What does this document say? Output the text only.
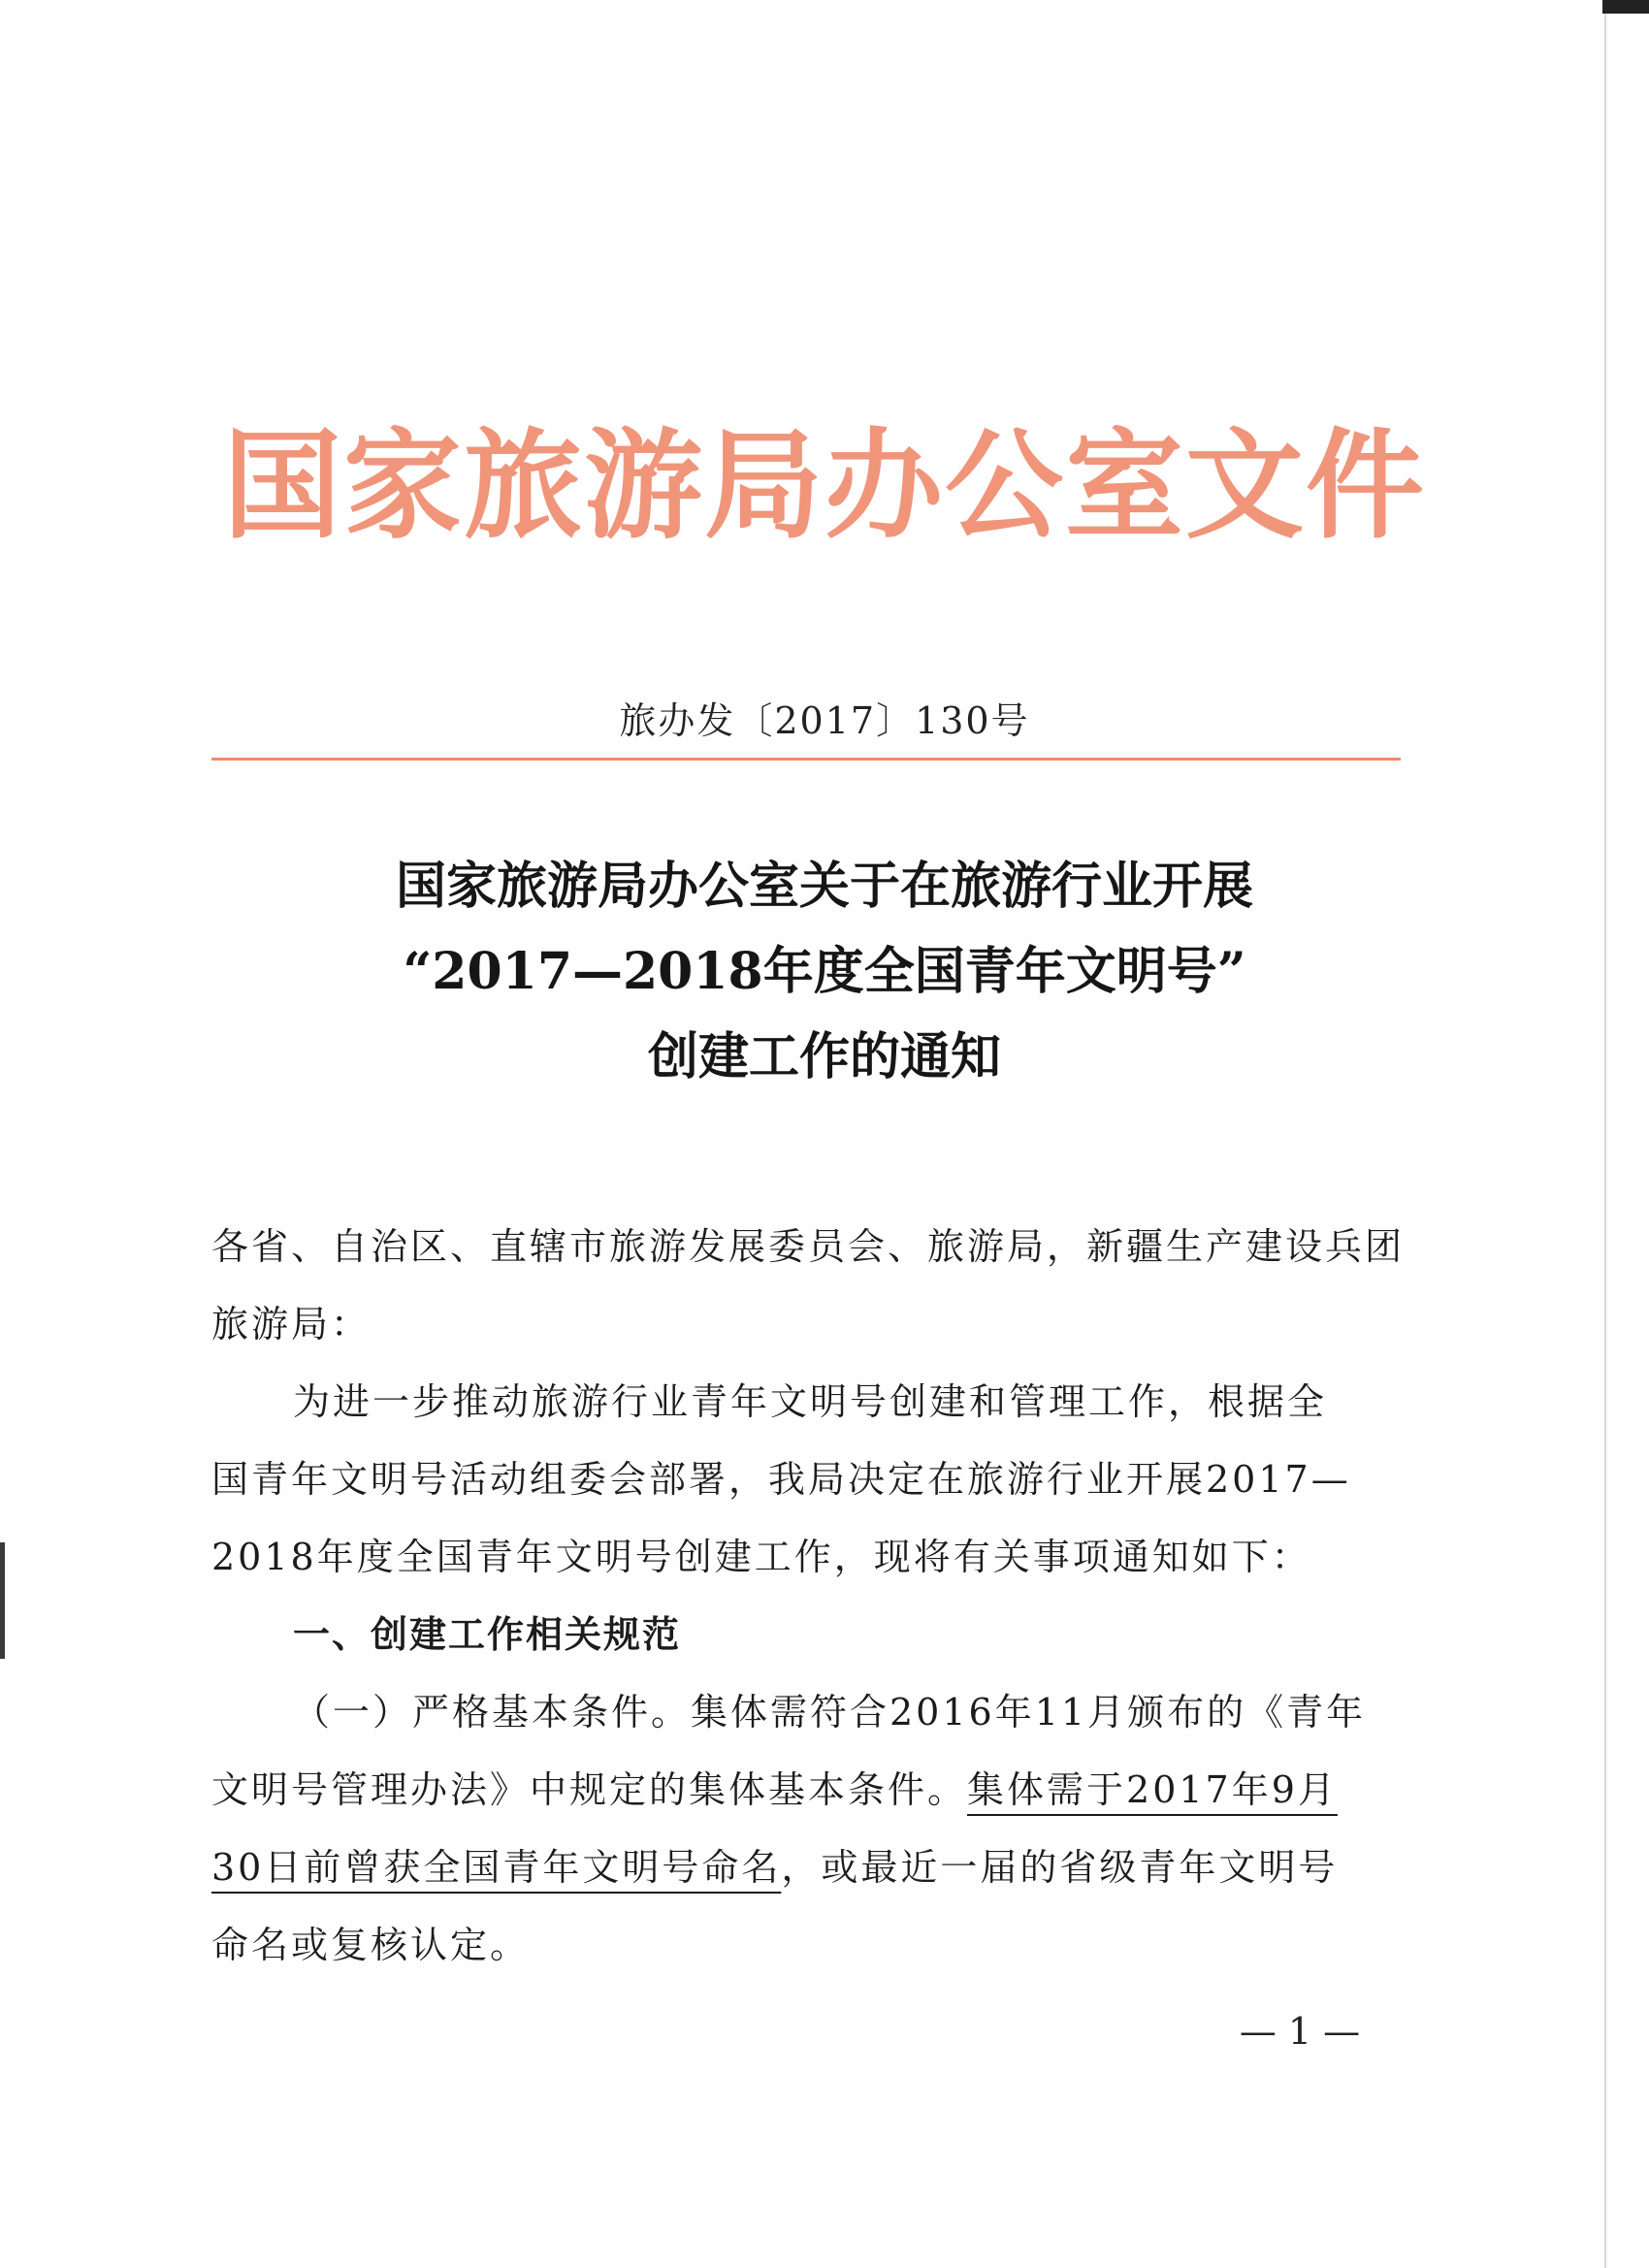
国家旅游局办公室文件
旅办发〔2017〕130号
国家旅游局办公室关于在旅游行业开展
“2017—2018年度全国青年文明号”
创建工作的通知

各省、自治区、直辖市旅游发展委员会、旅游局，新疆生产建设兵团

旅游局：

为进一步推动旅游行业青年文明号创建和管理工作，根据全

国青年文明号活动组委会部署，我局决定在旅游行业开展2017—

2018年度全国青年文明号创建工作，现将有关事项通知如下：

一、创建工作相关规范

（一）严格基本条件。集体需符合2016年11月颁布的《青年

文明号管理办法》中规定的集体基本条件。集体需于2017年9月

30日前曾获全国青年文明号命名，或最近一届的省级青年文明号

命名或复核认定。

— 1 —
